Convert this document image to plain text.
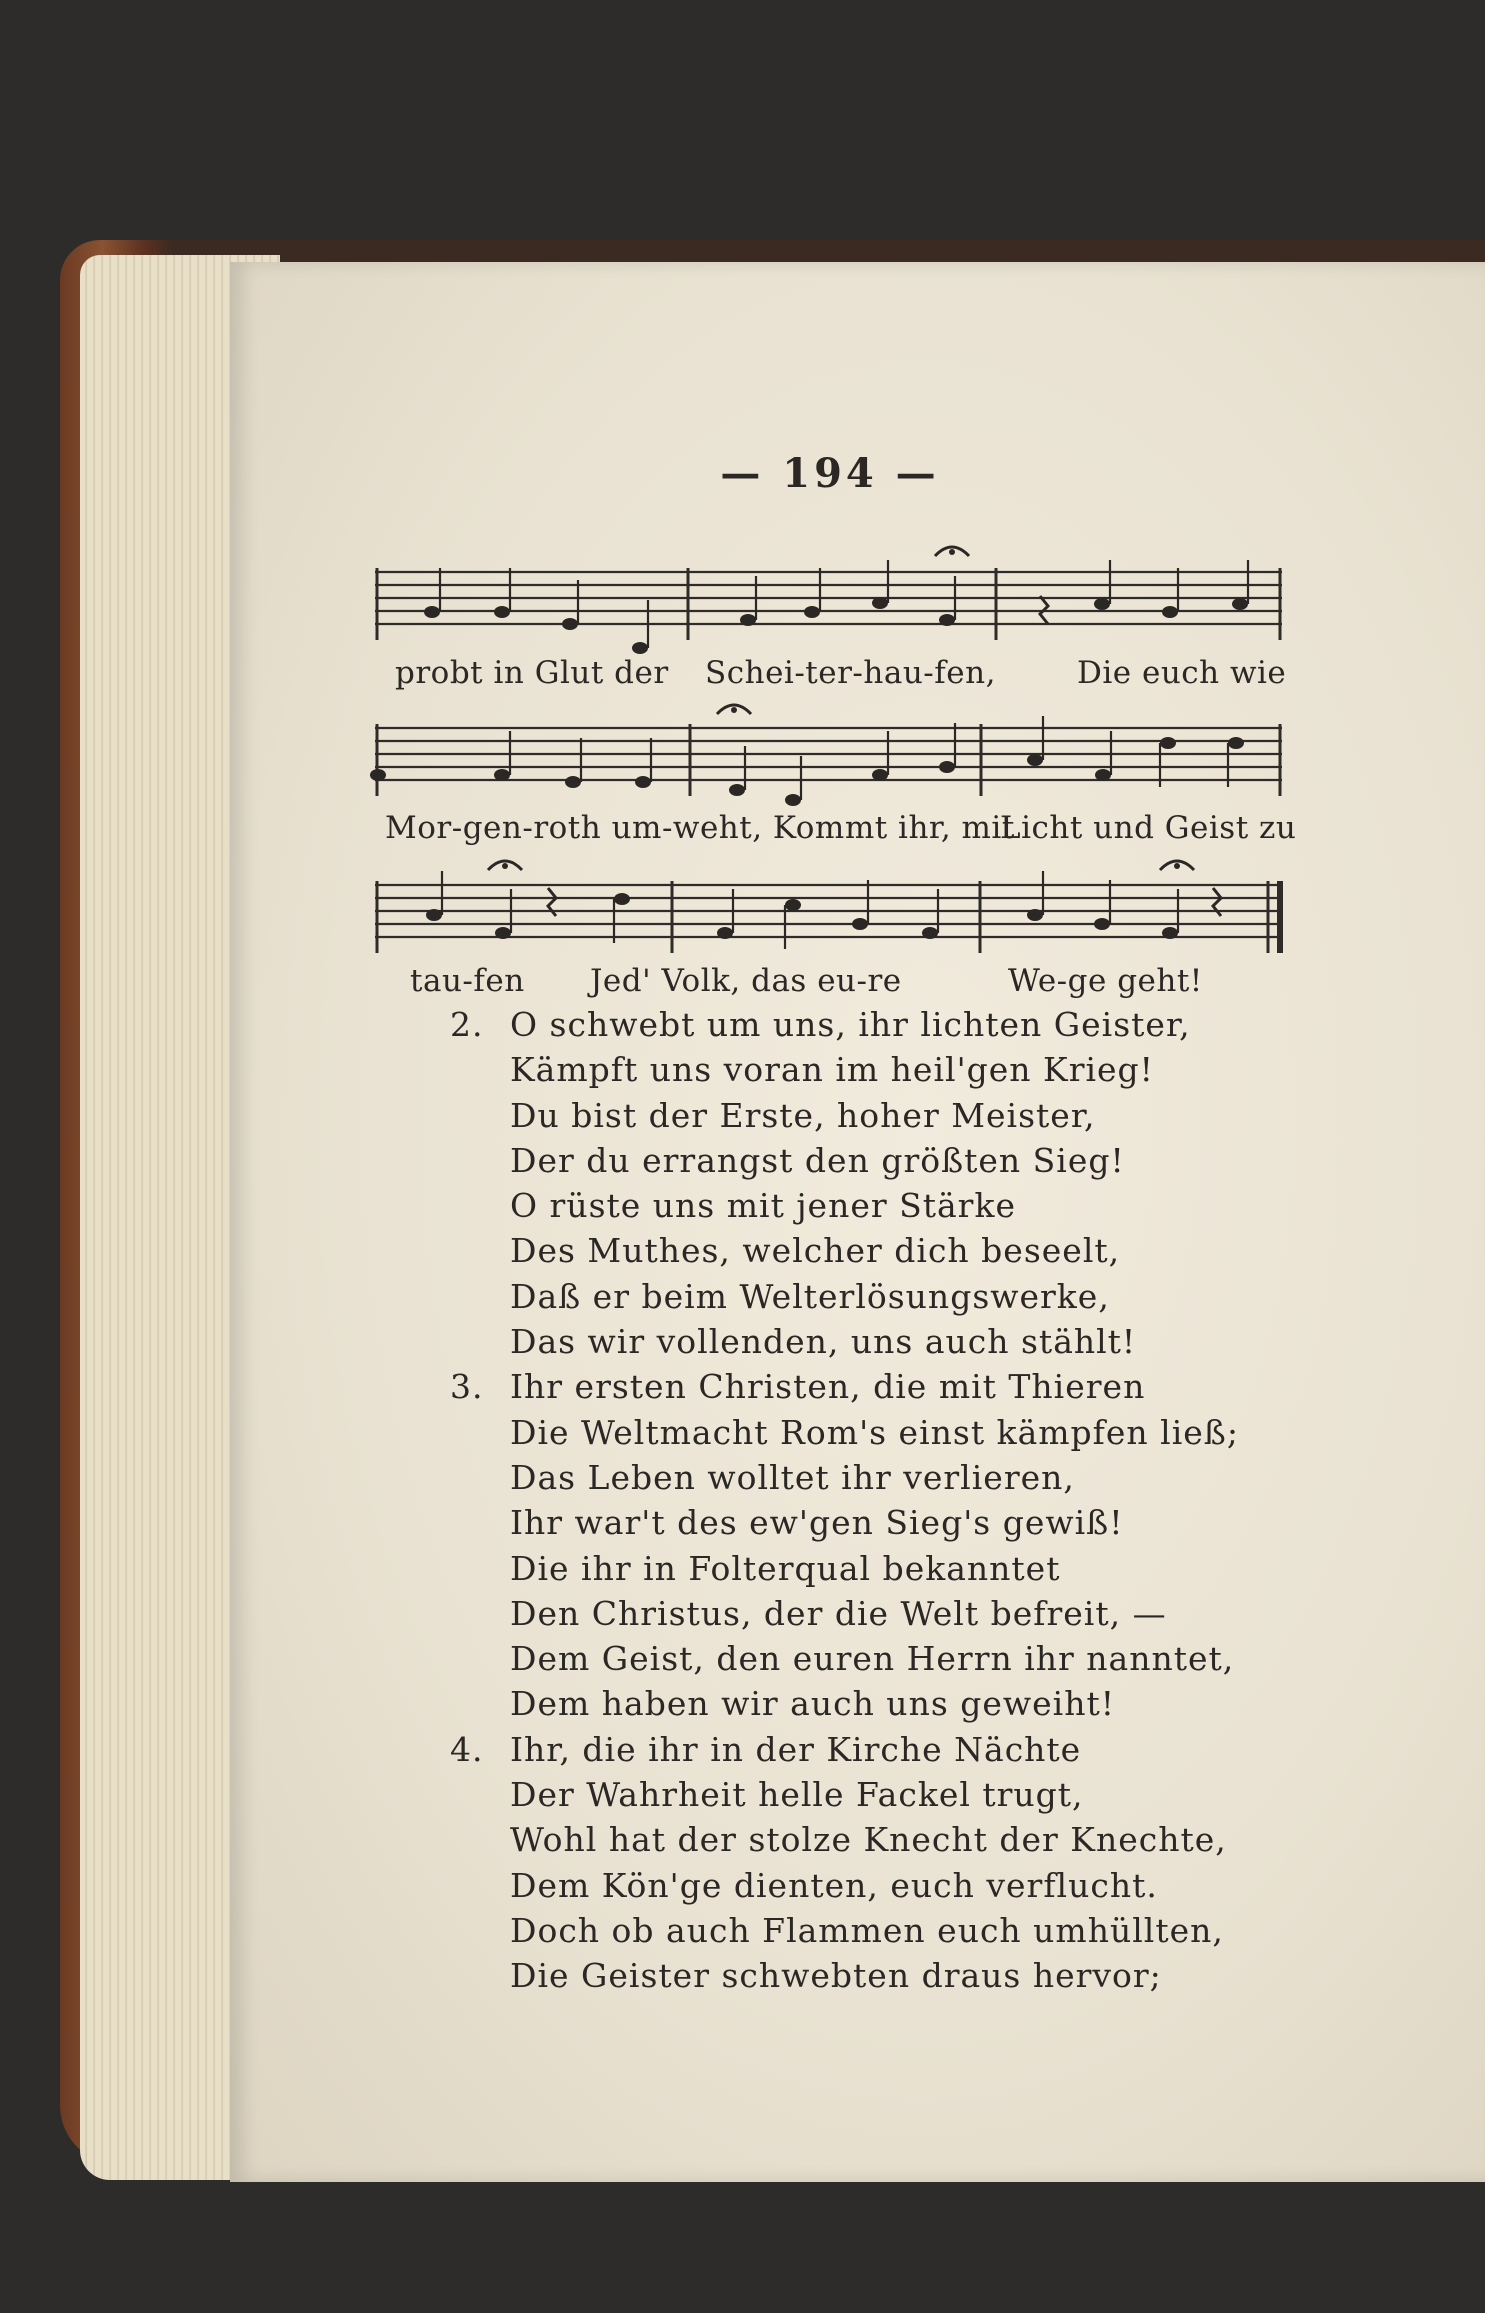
— 194 —
probt in Glut der Schei-ter-hau-fen,	Die euch wie
Mor-gen-roth um-weht, Kommt ihr, mit
Licht und Geist zu
tau-fen Jed' Volk, das eu-re	We-ge geht!
2. O schwebt um uns, ihr lichten Geister,
Kämpft uns voran im heil'gen Krieg!
Du bist der Erste, hoher Meister,
Der du errangst den größten Sieg!
O rüste uns mit jener Stärke
Des Muthes, welcher dich beseelt,
Daß er beim Welterlösungswerke,
Das wir vollenden, uns auch stählt!
3. Ihr ersten Christen, die mit Thieren
Die Weltmacht Rom's einst kämpfen ließ;
Das Leben wolltet ihr verlieren,
Ihr war't des ew'gen Sieg's gewiß!
Die ihr in Folterqual bekanntet
Den Christus, der die Welt befreit, —
Dem Geist, den euren Herrn ihr nanntet,
Dem haben wir auch uns geweiht!
4. Ihr, die ihr in der Kirche Nächte
Der Wahrheit helle Fackel trugt,
Wohl hat der stolze Knecht der Knechte,
Dem Kön'ge dienten, euch verflucht.
Doch ob auch Flammen euch umhüllten,
Die Geister schwebten draus hervor;
